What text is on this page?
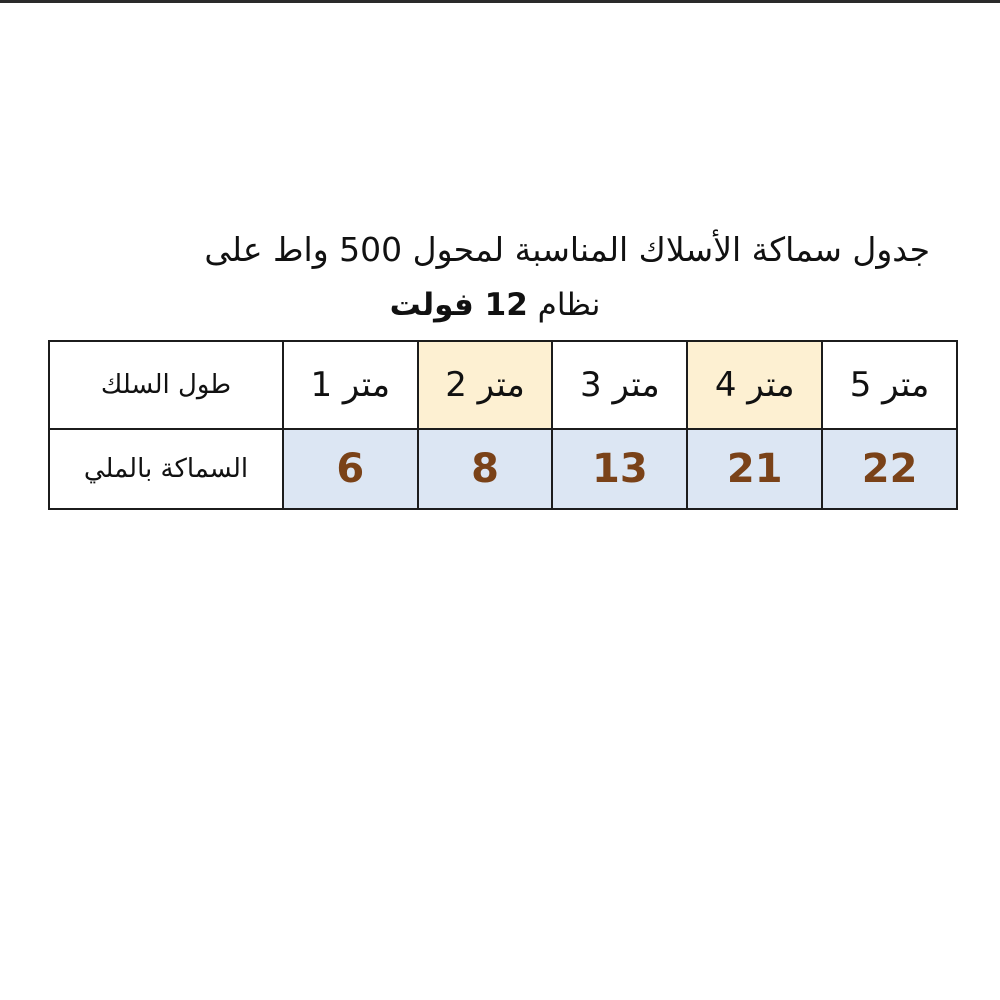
جدول سماكة الأسلاك المناسبة لمحول 500 واط على
نظام 12 فولت
متر 5	متر 4	متر 3	متر 2	متر 1	طول السلك
22	21	13	8	6	السماكة بالملي
